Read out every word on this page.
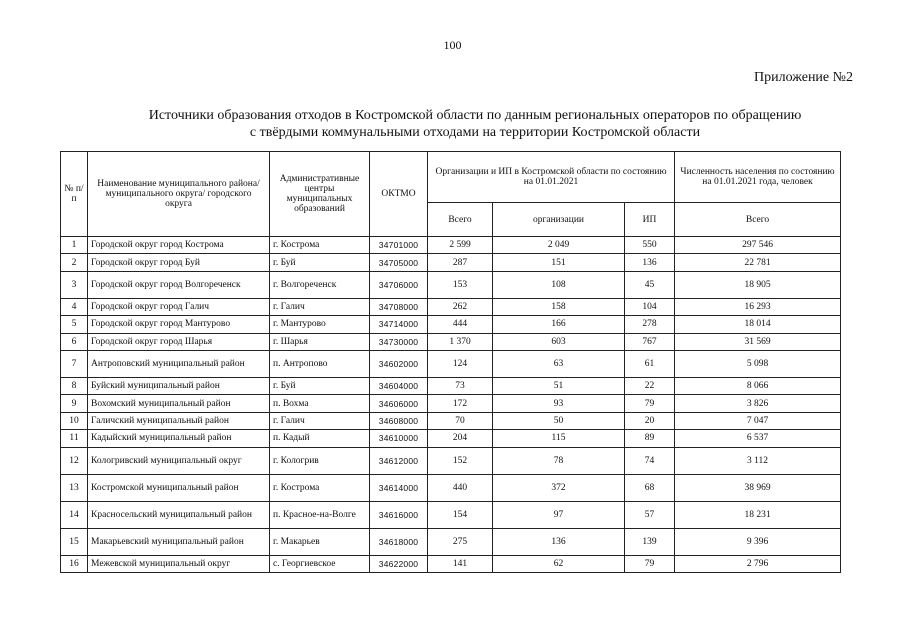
100
Приложение №2
Источники образования отходов в Костромской области по данным региональных операторов по обращению
с твёрдыми коммунальными отходами на территории Костромской области
№ п/п	Наименование муниципального района/ муниципального округа/ городского округа	Административные центры муниципальных образований	ОКТМО	Организации и ИП в Костромской области по состоянию на 01.01.2021			Численность населения по состоянию на 01.01.2021 года, человек
				Всего	организации	ИП	Всего
1	Городской округ город Кострома	г. Кострома	34701000	2 599	2 049	550	297 546
2	Городской округ город Буй	г. Буй	34705000	287	151	136	22 781
3	Городской округ город Волгореченск	г. Волгореченск	34706000	153	108	45	18 905
4	Городской округ город Галич	г. Галич	34708000	262	158	104	16 293
5	Городской округ город Мантурово	г. Мантурово	34714000	444	166	278	18 014
6	Городской округ город Шарья	г. Шарья	34730000	1 370	603	767	31 569
7	Антроповский муниципальный район	п. Антропово	34602000	124	63	61	5 098
8	Буйский муниципальный район	г. Буй	34604000	73	51	22	8 066
9	Вохомский муниципальный район	п. Вохма	34606000	172	93	79	3 826
10	Галичский муниципальный район	г. Галич	34608000	70	50	20	7 047
11	Кадыйский муниципальный район	п. Кадый	34610000	204	115	89	6 537
12	Кологривский муниципальный округ	г. Кологрив	34612000	152	78	74	3 112
13	Костромской муниципальный район	г. Кострома	34614000	440	372	68	38 969
14	Красносельский муниципальный район	п. Красное-на-Волге	34616000	154	97	57	18 231
15	Макарьевский муниципальный район	г. Макарьев	34618000	275	136	139	9 396
16	Межевской муниципальный округ	с. Георгиевское	34622000	141	62	79	2 796
